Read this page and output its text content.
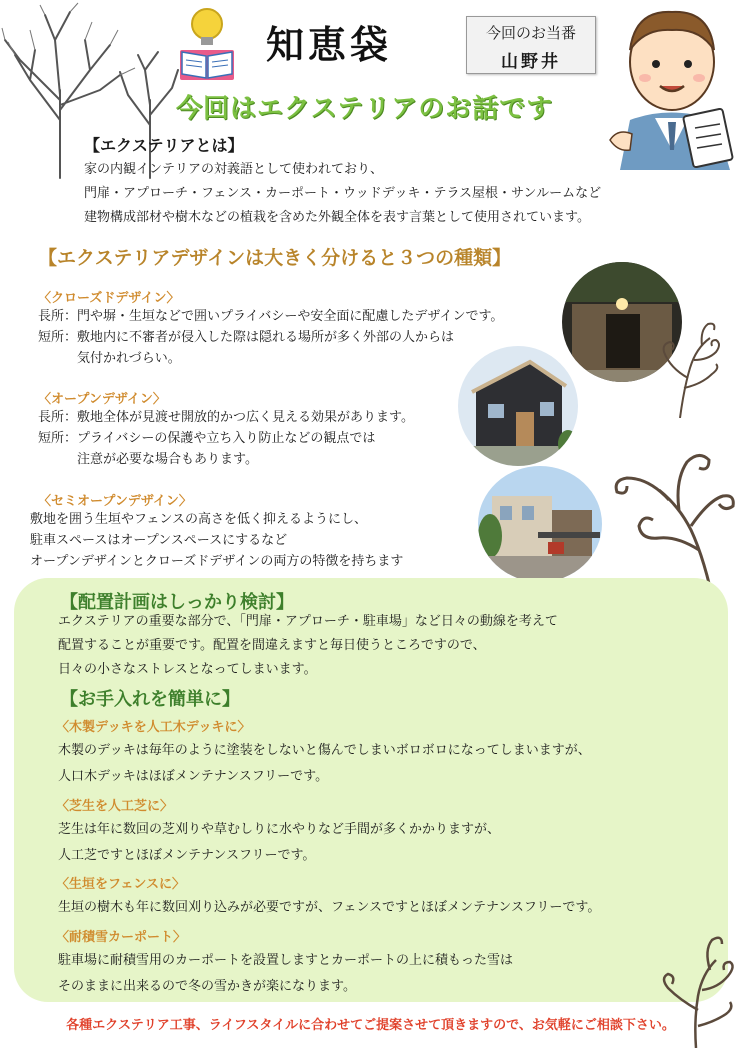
知恵袋	今回のお当番
山野井
今回はエクステリアのお話です
【エクステリアとは】
家の内観インテリアの対義語として使われており、
門扉・アプローチ・フェンス・カーポート・ウッドデッキ・テラス屋根・サンルームなど
建物構成部材や樹木などの植栽を含めた外観全体を表す言葉として使用されています。
【エクステリアデザインは大きく分けると３つの種類】
〈クローズドデザイン〉
長所：門や塀・生垣などで囲いプライバシーや安全面に配慮したデザインです。
短所：敷地内に不審者が侵入した際は隠れる場所が多く外部の人からは
　　　気付かれづらい。
〈オープンデザイン〉
長所：敷地全体が見渡せ開放的かつ広く見える効果があります。
短所：プライバシーの保護や立ち入り防止などの観点では
　　　注意が必要な場合もあります。
〈セミオープンデザイン〉
敷地を囲う生垣やフェンスの高さを低く抑えるようにし、
駐車スペースはオープンスペースにするなど
オープンデザインとクローズドデザインの両方の特徴を持ちます
【配置計画はしっかり検討】
エクステリアの重要な部分で、「門扉・アプローチ・駐車場」など日々の動線を考えて
配置することが重要です。配置を間違えますと毎日使うところですので、
日々の小さなストレスとなってしまいます。
【お手入れを簡単に】
〈木製デッキを人工木デッキに〉
木製のデッキは毎年のように塗装をしないと傷んでしまいボロボロになってしまいますが、
人口木デッキはほぼメンテナンスフリーです。
〈芝生を人工芝に〉
芝生は年に数回の芝刈りや草むしりに水やりなど手間が多くかかりますが、
人工芝ですとほぼメンテナンスフリーです。
〈生垣をフェンスに〉
生垣の樹木も年に数回刈り込みが必要ですが、フェンスですとほぼメンテナンスフリーです。
〈耐積雪カーポート〉
駐車場に耐積雪用のカーポートを設置しますとカーポートの上に積もった雪は
そのままに出来るので冬の雪かきが楽になります。
各種エクステリア工事、ライフスタイルに合わせてご提案させて頂きますので、お気軽にご相談下さい。
